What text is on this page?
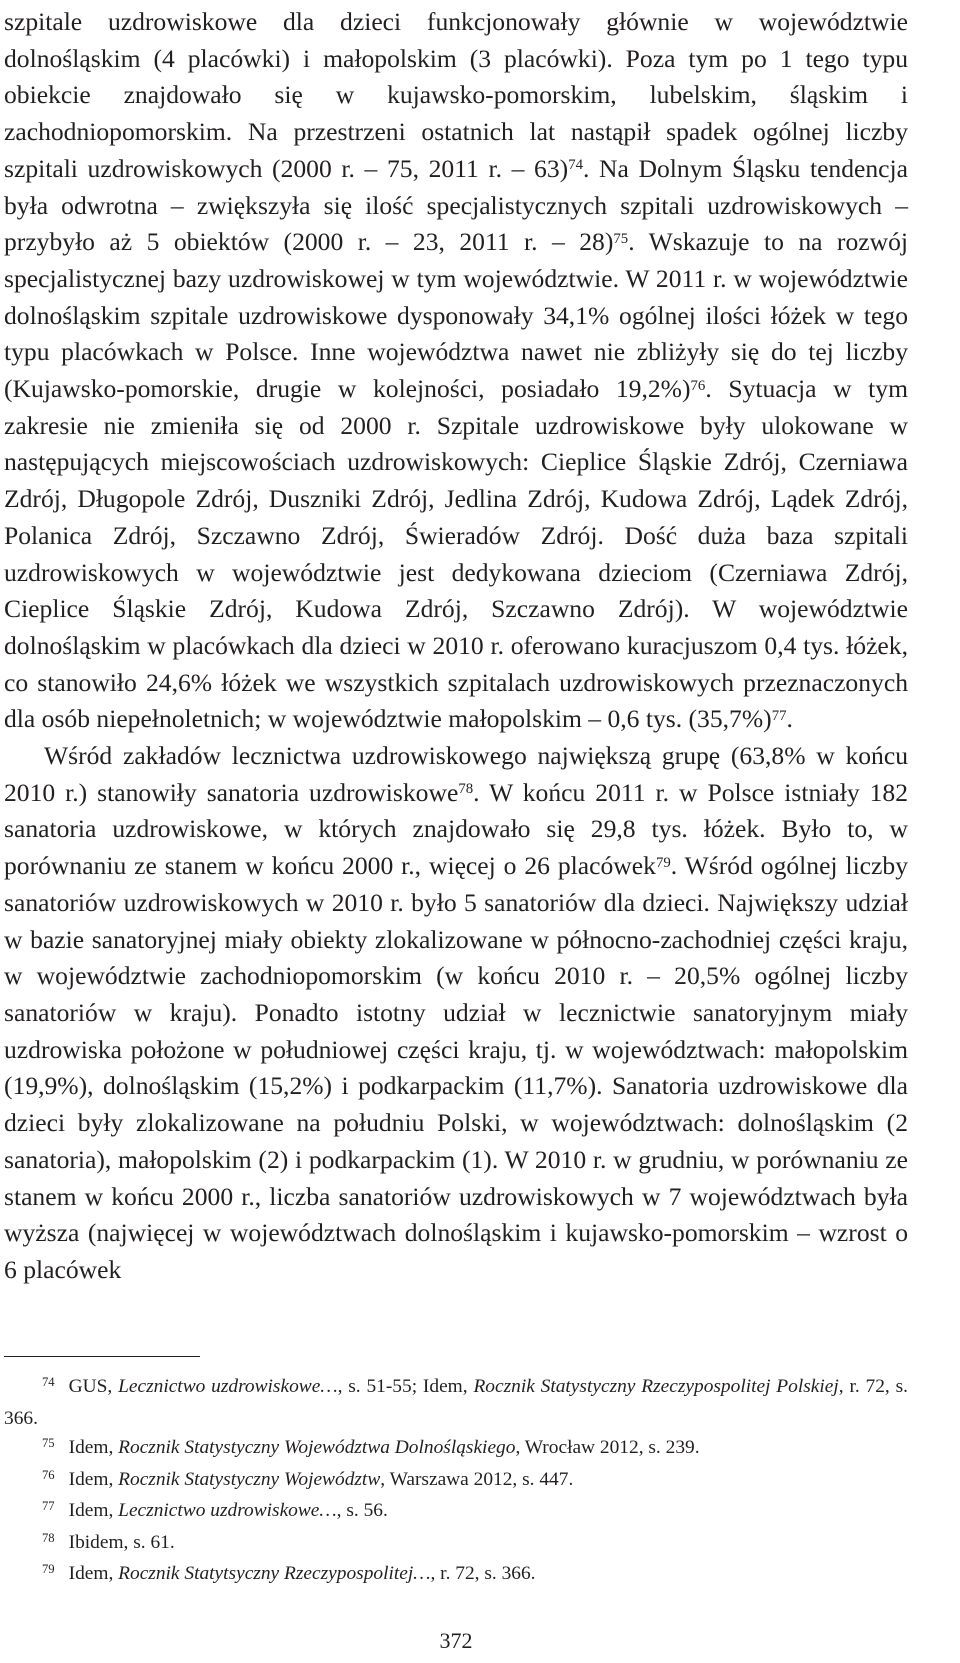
szpitale uzdrowiskowe dla dzieci funkcjonowały głównie w województwie dolnośląskim (4 placówki) i małopolskim (3 placówki). Poza tym po 1 tego typu obiekcie znajdowało się w kujawsko-pomorskim, lubelskim, śląskim i zachodniopomorskim. Na przestrzeni ostatnich lat nastąpił spadek ogólnej liczby szpitali uzdrowiskowych (2000 r. – 75, 2011 r. – 63)$^{74}$. Na Dolnym Śląsku tendencja była odwrotna – zwiększyła się ilość specjalistycznych szpitali uzdrowiskowych – przybyło aż 5 obiektów (2000 r. – 23, 2011 r. – 28)$^{75}$. Wskazuje to na rozwój specjalistycznej bazy uzdrowiskowej w tym województwie. W 2011 r. w województwie dolnośląskim szpitale uzdrowiskowe dysponowały 34,1% ogólnej ilości łóżek w tego typu placówkach w Polsce. Inne województwa nawet nie zbliżyły się do tej liczby (Kujawsko-pomorskie, drugie w kolejności, posiadało 19,2%)$^{76}$. Sytuacja w tym zakresie nie zmieniła się od 2000 r. Szpitale uzdrowiskowe były ulokowane w następujących miejscowościach uzdrowiskowych: Cieplice Śląskie Zdrój, Czerniawa Zdrój, Długopole Zdrój, Duszniki Zdrój, Jedlina Zdrój, Kudowa Zdrój, Lądek Zdrój, Polanica Zdrój, Szczawno Zdrój, Świeradów Zdrój. Dość duża baza szpitali uzdrowiskowych w województwie jest dedykowana dzieciom (Czerniawa Zdrój, Cieplice Śląskie Zdrój, Kudowa Zdrój, Szczawno Zdrój). W województwie dolnośląskim w placówkach dla dzieci w 2010 r. oferowano kuracjuszom 0,4 tys. łóżek, co stanowiło 24,6% łóżek we wszystkich szpitalach uzdrowiskowych przeznaczonych dla osób niepełnoletnich; w województwie małopolskim – 0,6 tys. $(35,7\%)^{77}$.

Wśród zakładów lecznictwa uzdrowiskowego największą grupę (63,8% w końcu 2010 r.) stanowiły sanatoria uzdrowiskowe$^{78}$. W końcu 2011 r. w Polsce istniały 182 sanatoria uzdrowiskowe, w których znajdowało się 29,8 tys. łóżek. Było to, w porównaniu ze stanem w końcu 2000 r., więcej o 26 placówek$^{79}$. Wśród ogólnej liczby sanatoriów uzdrowiskowych w 2010 r. było 5 sanatoriów dla dzieci. Największy udział w bazie sanatoryjnej miały obiekty zlokalizowane w północno-zachodniej części kraju, w województwie zachodniopomorskim (w końcu 2010 r. – 20,5% ogólnej liczby sanatoriów w kraju). Ponadto istotny udział w lecznictwie sanatoryjnym miały uzdrowiska położone w południowej części kraju, tj. w województwach: małopolskim (19,9%), dolnośląskim (15,2%) i podkarpackim (11,7%). Sanatoria uzdrowiskowe dla dzieci były zlokalizowane na południu Polski, w województwach: dolnośląskim (2 sanatoria), małopolskim (2) i podkarpackim (1). W 2010 r. w grudniu, w porównaniu ze stanem w końcu 2000 r., liczba sanatoriów uzdrowiskowych w 7 województwach była wyższa (najwięcej w województwach dolnośląskim i kujawsko-pomorskim – wzrost o 6 placówek

$^{74}$ GUS, Lecznictwo uzdrowiskowe…, s. 51-55; Idem, Rocznik Statystyczny Rzeczypospolitej Polskiej, r. 72, s. 366.

$^{75}$ Idem, Rocznik Statystyczny Województwa Dolnośląskiego, Wrocław 2012, s. 239.

$^{76}$ Idem, Rocznik Statystyczny Województw, Warszawa 2012, s. 447.

$^{77}$ Idem, Lecznictwo uzdrowiskowe…, s. 56.

$^{78}$ Ibidem, s. 61.

$^{79}$ Idem, Rocznik Statytsyczny Rzeczypospolitej…, r. 72, s. 366.

372
